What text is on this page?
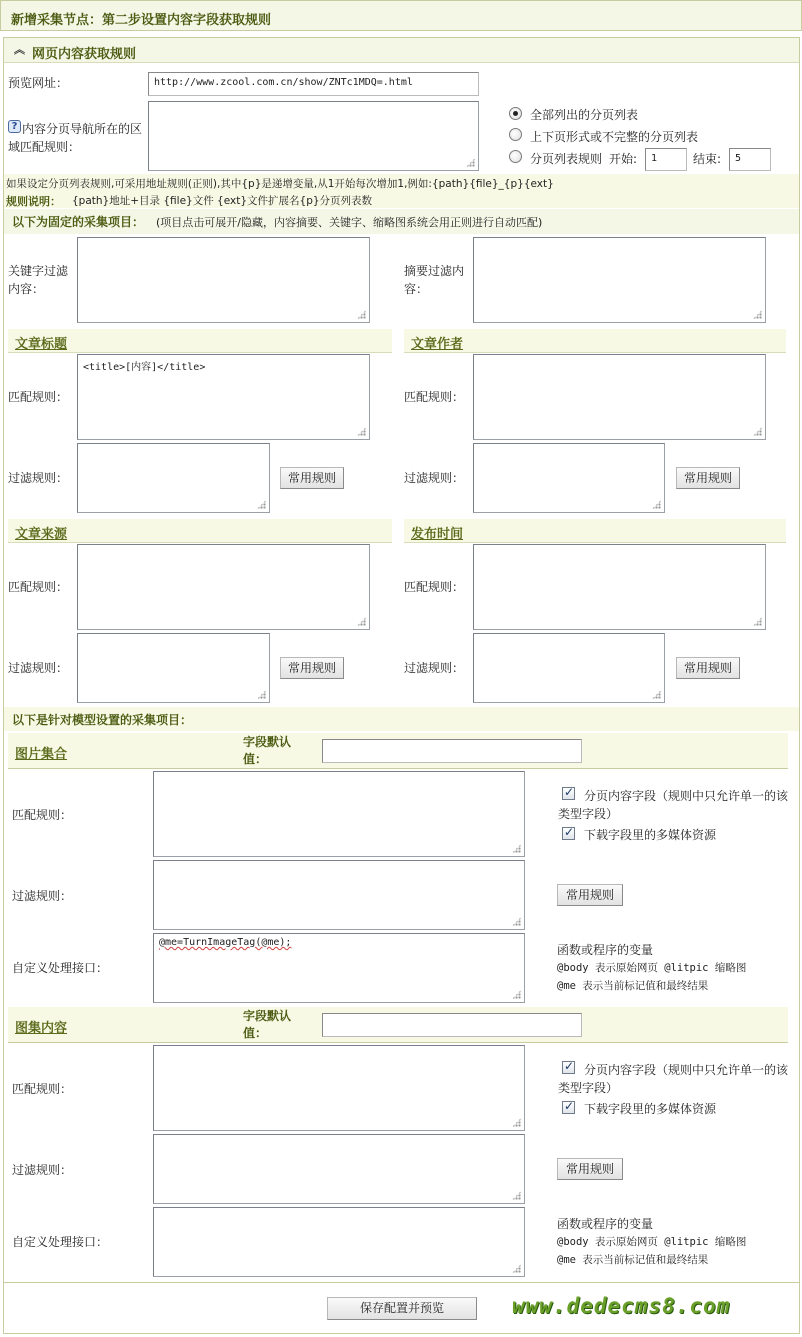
新增采集节点：第二步设置内容字段获取规则
︽ 网页内容获取规则
预览网址：	http://www.zcool.com.cn/show/ZNTc1MDQ=.html
? 内容分页导航所在的区域匹配规则：
全部列出的分页列表
上下页形式或不完整的分页列表
分页列表规则 开始:	1	结束:	5
如果设定分页列表规则,可采用地址规则(正则),其中{p}是递增变量,从1开始每次增加1,例如:{path}{file}_{p}{ext}
规则说明： {path}地址+目录 {file}文件 {ext}文件扩展名{p}分页列表数
以下为固定的采集项目： (项目点击可展开/隐藏，内容摘要、关键字、缩略图系统会用正则进行自动匹配)
关键字过滤内容：
摘要过滤内容：
文章标题
匹配规则：
<title>[内容]</title>
过滤规则：	常用规则
文章作者
匹配规则：
过滤规则：	常用规则
文章来源
匹配规则：
过滤规则：	常用规则
发布时间
匹配规则：
过滤规则：	常用规则
以下是针对模型设置的采集项目：
图片集合
字段默认值：
匹配规则：
✓
分页内容字段（规则中只允许单一的该类型字段）
✓
下载字段里的多媒体资源
过滤规则：	常用规则
自定义处理接口：
@me=TurnImageTag(@me);
函数或程序的变量
@body 表示原始网页 @litpic 缩略图
@me 表示当前标记值和最终结果
图集内容
字段默认值：
匹配规则：
✓
分页内容字段（规则中只允许单一的该类型字段）
✓
下载字段里的多媒体资源
过滤规则：	常用规则
自定义处理接口：
函数或程序的变量
@body 表示原始网页 @litpic 缩略图
@me 表示当前标记值和最终结果
保存配置并预览	www.dedecms8.com
